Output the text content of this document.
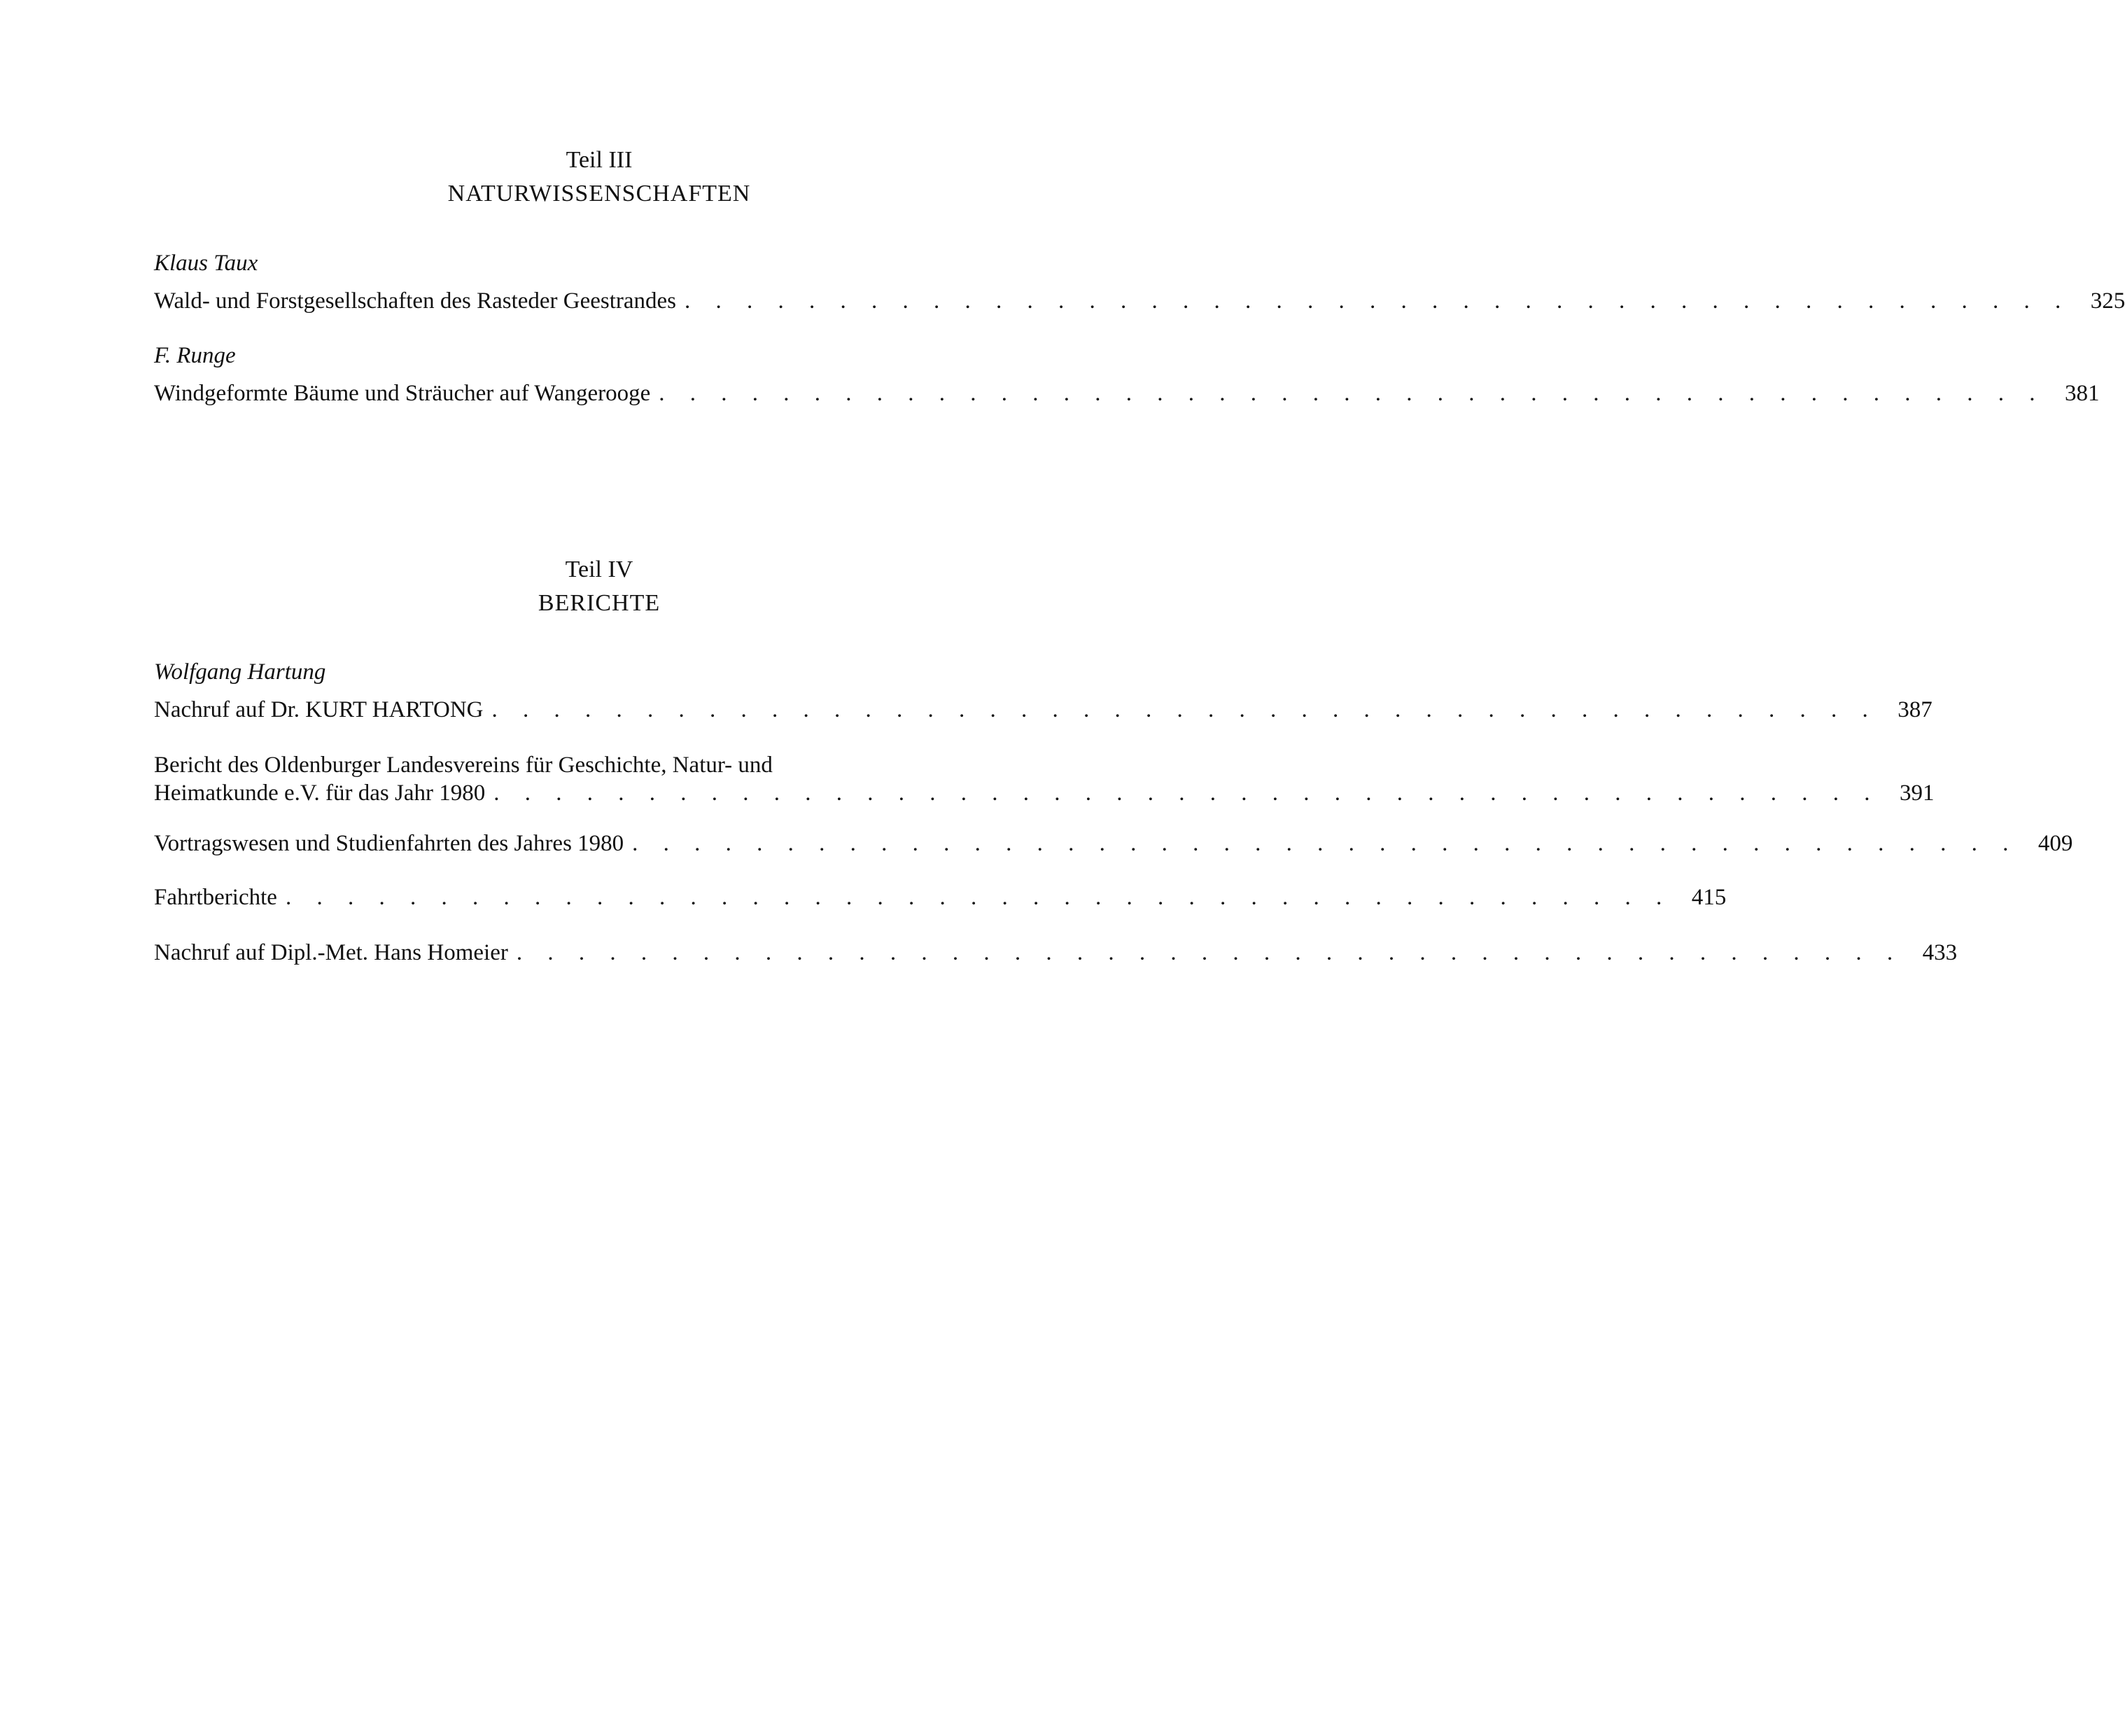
Teil III
NATURWISSENSCHAFTEN
Klaus Taux
Wald- und Forstgesellschaften des Rasteder Geestrandes . . . . . . . . . . . . . . . . . . . . . . . . . . . . . . . . . . . . . . . . . . . . . 325
F. Runge
Windgeformte Bäume und Sträucher auf Wangerooge . . . . . . . . . . . . . . . . . . . . . . . . . . . . . . . . . . . . . . . . . . . . . 381
Teil IV
BERICHTE
Wolfgang Hartung
Nachruf auf Dr. KURT HARTONG . . . . . . . . . . . . . . . . . . . . . . . . . . . . . . . . . . . . . . . . . . . . . 387
Bericht des Oldenburger Landesvereins für Geschichte, Natur- und
Heimatkunde e.V. für das Jahr 1980 . . . . . . . . . . . . . . . . . . . . . . . . . . . . . . . . . . . . . . . . . . . . . 391
Vortragswesen und Studienfahrten des Jahres 1980 . . . . . . . . . . . . . . . . . . . . . . . . . . . . . . . . . . . . . . . . . . . . . 409
Fahrtberichte . . . . . . . . . . . . . . . . . . . . . . . . . . . . . . . . . . . . . . . . . . . . . 415
Nachruf auf Dipl.-Met. Hans Homeier . . . . . . . . . . . . . . . . . . . . . . . . . . . . . . . . . . . . . . . . . . . . . 433
